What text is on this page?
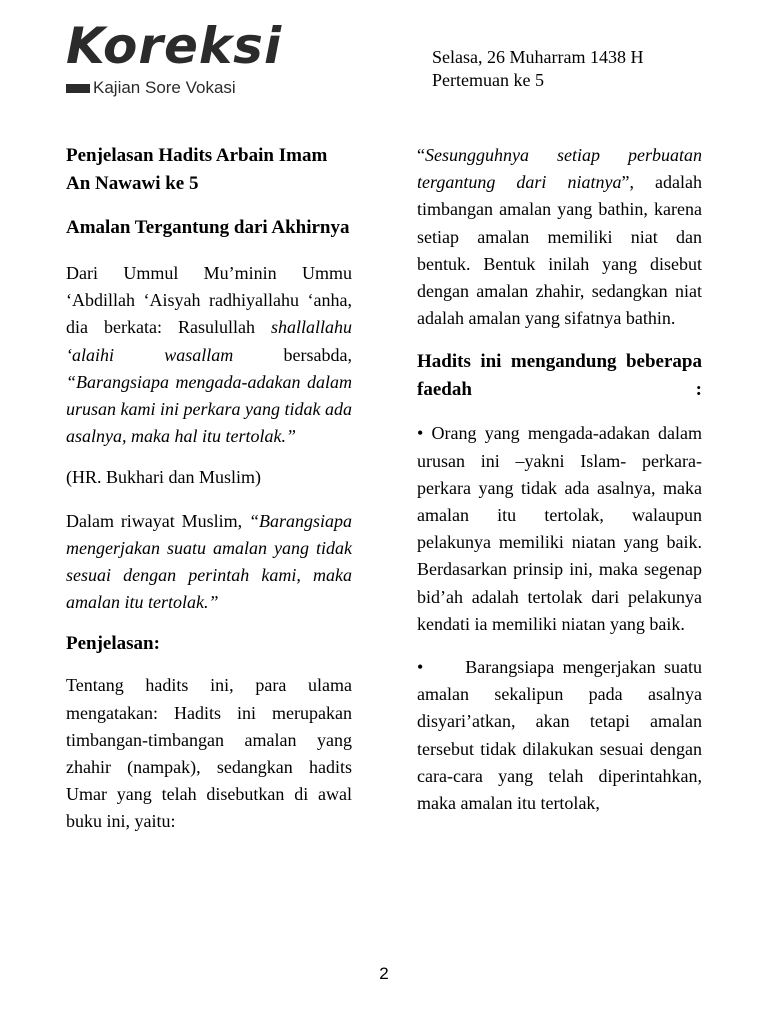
Koreksi
Kajian Sore Vokasi
Selasa, 26 Muharram 1438 H
Pertemuan ke 5
Penjelasan Hadits Arbain Imam An Nawawi ke 5
Amalan Tergantung dari Akhirnya

Dari Ummul Mu’minin Ummu ‘Abdillah ‘Aisyah radhiyallahu ‘anha, dia berkata: Rasulullah shallallahu ‘alaihi wasallam bersabda, “Barangsiapa mengada-adakan dalam urusan kami ini perkara yang tidak ada asalnya, maka hal itu tertolak.”

(HR. Bukhari dan Muslim)

Dalam riwayat Muslim, “Barangsiapa mengerjakan suatu amalan yang tidak sesuai dengan perintah kami, maka amalan itu tertolak.”

Penjelasan:

Tentang hadits ini, para ulama mengatakan: Hadits ini merupakan timbangan-timbangan amalan yang zhahir (nampak), sedangkan hadits Umar yang telah disebutkan di awal buku ini, yaitu:

“Sesungguhnya setiap perbuatan tergantung dari niatnya”, adalah timbangan amalan yang bathin, karena setiap amalan memiliki niat dan bentuk. Bentuk inilah yang disebut dengan amalan zhahir, sedangkan niat adalah amalan yang sifatnya bathin.

Hadits ini mengandung beberapa faedah :

• Orang yang mengada-adakan dalam urusan ini –yakni Islam- perkara-perkara yang tidak ada asalnya, maka amalan itu tertolak, walaupun pelakunya memiliki niatan yang baik. Berdasarkan prinsip ini, maka segenap bid’ah adalah tertolak dari pelakunya kendati ia memiliki niatan yang baik.

• Barangsiapa mengerjakan suatu amalan sekalipun pada asalnya disyari’atkan, akan tetapi amalan tersebut tidak dilakukan sesuai dengan cara-cara yang telah diperintahkan, maka amalan itu tertolak,

2
